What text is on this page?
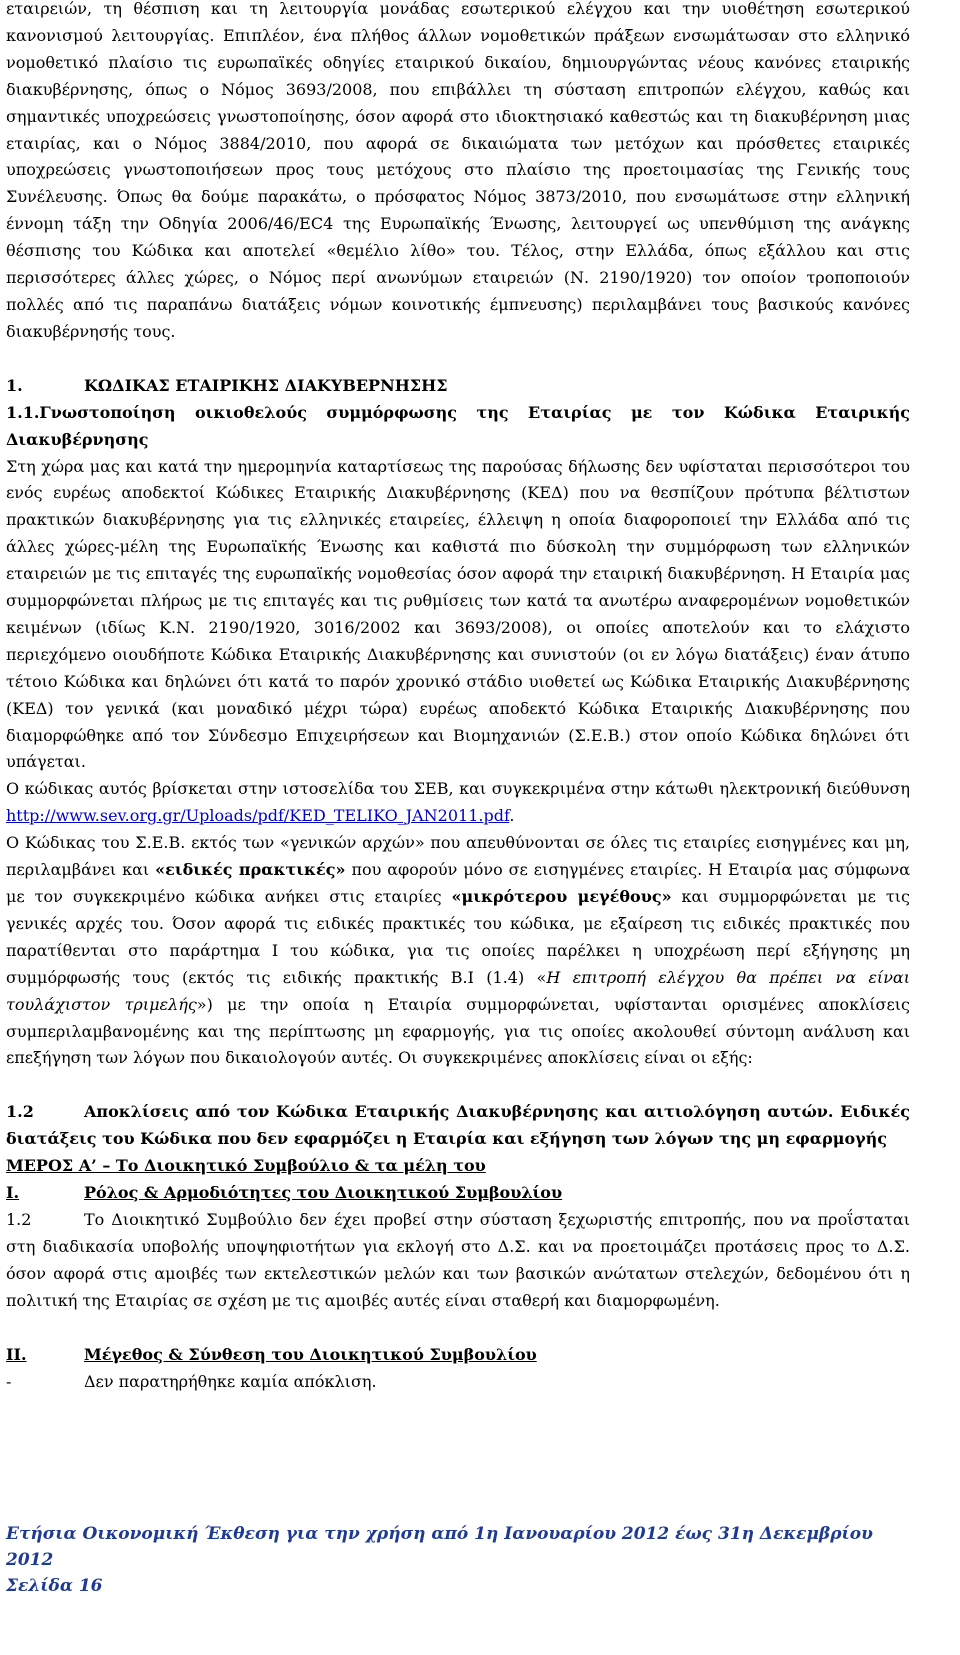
εταιρειών, τη θέσπιση και τη λειτουργία μονάδας εσωτερικού ελέγχου και την υιοθέτηση εσωτερικού κανονισμού λειτουργίας. Επιπλέον, ένα πλήθος άλλων νομοθετικών πράξεων ενσωμάτωσαν στο ελληνικό νομοθετικό πλαίσιο τις ευρωπαϊκές οδηγίες εταιρικού δικαίου, δημιουργώντας νέους κανόνες εταιρικής διακυβέρνησης, όπως ο Νόμος 3693/2008, που επιβάλλει τη σύσταση επιτροπών ελέγχου, καθώς και σημαντικές υποχρεώσεις γνωστοποίησης, όσον αφορά στο ιδιοκτησιακό καθεστώς και τη διακυβέρνηση μιας εταιρίας, και ο Νόμος 3884/2010, που αφορά σε δικαιώματα των μετόχων και πρόσθετες εταιρικές υποχρεώσεις γνωστοποιήσεων προς τους μετόχους στο πλαίσιο της προετοιμασίας της Γενικής τους Συνέλευσης. Όπως θα δούμε παρακάτω, ο πρόσφατος Νόμος 3873/2010, που ενσωμάτωσε στην ελληνική έννομη τάξη την Οδηγία 2006/46/ΕC4 της Ευρωπαϊκής Ένωσης, λειτουργεί ως υπενθύμιση της ανάγκης θέσπισης του Κώδικα και αποτελεί «θεμέλιο λίθο» του. Τέλος, στην Ελλάδα, όπως εξάλλου και στις περισσότερες άλλες χώρες, ο Νόμος περί ανωνύμων εταιρειών (Ν. 2190/1920) τον οποίον τροποποιούν πολλές από τις παραπάνω διατάξεις νόμων κοινοτικής έμπνευσης) περιλαμβάνει τους βασικούς κανόνες διακυβέρνησής τους.

1.	ΚΩΔΙΚΑΣ ΕΤΑΙΡΙΚΗΣ ΔΙΑΚΥΒΕΡΝΗΣΗΣ

1.1.Γνωστοποίηση οικιοθελούς συμμόρφωσης της Εταιρίας με τον Κώδικα Εταιρικής Διακυβέρνησης

Στη χώρα μας και κατά την ημερομηνία καταρτίσεως της παρούσας δήλωσης δεν υφίσταται περισσότεροι του ενός ευρέως αποδεκτοί Κώδικες Εταιρικής Διακυβέρνησης (ΚΕΔ) που να θεσπίζουν πρότυπα βέλτιστων πρακτικών διακυβέρνησης για τις ελληνικές εταιρείες, έλλειψη η οποία διαφοροποιεί την Ελλάδα από τις άλλες χώρες-μέλη της Ευρωπαϊκής Ένωσης και καθιστά πιο δύσκολη την συμμόρφωση των ελληνικών εταιρειών με τις επιταγές της ευρωπαϊκής νομοθεσίας όσον αφορά την εταιρική διακυβέρνηση. Η Εταιρία μας συμμορφώνεται πλήρως με τις επιταγές και τις ρυθμίσεις των κατά τα ανωτέρω αναφερομένων νομοθετικών κειμένων (ιδίως Κ.Ν. 2190/1920, 3016/2002 και 3693/2008), οι οποίες αποτελούν και το ελάχιστο περιεχόμενο οιουδήποτε Κώδικα Εταιρικής Διακυβέρνησης και συνιστούν (οι εν λόγω διατάξεις) έναν άτυπο τέτοιο Κώδικα και δηλώνει ότι κατά το παρόν χρονικό στάδιο υιοθετεί ως Κώδικα Εταιρικής Διακυβέρνησης (ΚΕΔ) τον γενικά (και μοναδικό μέχρι τώρα) ευρέως αποδεκτό Κώδικα Εταιρικής Διακυβέρνησης που διαμορφώθηκε από τον Σύνδεσμο Επιχειρήσεων και Βιομηχανιών (Σ.Ε.Β.) στον οποίο Κώδικα δηλώνει ότι υπάγεται.

Ο κώδικας αυτός βρίσκεται στην ιστοσελίδα του ΣΕΒ, και συγκεκριμένα στην κάτωθι ηλεκτρονική διεύθυνση http://www.sev.org.gr/Uploads/pdf/KED_TELIKO_JAN2011.pdf.

Ο Κώδικας του Σ.Ε.Β. εκτός των «γενικών αρχών» που απευθύνονται σε όλες τις εταιρίες εισηγμένες και μη, περιλαμβάνει και «ειδικές πρακτικές» που αφορούν μόνο σε εισηγμένες εταιρίες. Η Εταιρία μας σύμφωνα με τον συγκεκριμένο κώδικα ανήκει στις εταιρίες «μικρότερου μεγέθους» και συμμορφώνεται με τις γενικές αρχές του. Όσον αφορά τις ειδικές πρακτικές του κώδικα, με εξαίρεση τις ειδικές πρακτικές που παρατίθενται στο παράρτημα Ι του κώδικα, για τις οποίες παρέλκει η υποχρέωση περί εξήγησης μη συμμόρφωσής τους (εκτός τις ειδικής πρακτικής Β.Ι (1.4) «Η επιτροπή ελέγχου θα πρέπει να είναι τουλάχιστον τριμελής») με την οποία η Εταιρία συμμορφώνεται, υφίστανται ορισμένες αποκλίσεις συμπεριλαμβανομένης και της περίπτωσης μη εφαρμογής, για τις οποίες ακολουθεί σύντομη ανάλυση και επεξήγηση των λόγων που δικαιολογούν αυτές. Οι συγκεκριμένες αποκλίσεις είναι οι εξής:

1.2	Αποκλίσεις από τον Κώδικα Εταιρικής Διακυβέρνησης και αιτιολόγηση αυτών. Ειδικές διατάξεις του Κώδικα που δεν εφαρμόζει η Εταιρία και εξήγηση των λόγων της μη εφαρμογής

ΜΕΡΟΣ Α’ – Το Διοικητικό Συμβούλιο & τα μέλη του

I.	Ρόλος & Αρμοδιότητες του Διοικητικού Συμβουλίου

1.2	Το Διοικητικό Συμβούλιο δεν έχει προβεί στην σύσταση ξεχωριστής επιτροπής, που να προΐσταται στη διαδικασία υποβολής υποψηφιοτήτων για εκλογή στο Δ.Σ. και να προετοιμάζει προτάσεις προς το Δ.Σ. όσον αφορά στις αμοιβές των εκτελεστικών μελών και των βασικών ανώτατων στελεχών, δεδομένου ότι η πολιτική της Εταιρίας σε σχέση με τις αμοιβές αυτές είναι σταθερή και διαμορφωμένη.

II.	Μέγεθος & Σύνθεση του Διοικητικού Συμβουλίου
-	Δεν παρατηρήθηκε καμία απόκλιση.
Ετήσια Οικονομική Έκθεση για την χρήση από 1η Ιανουαρίου 2012 έως 31η Δεκεμβρίου 2012
Σελίδα 16
